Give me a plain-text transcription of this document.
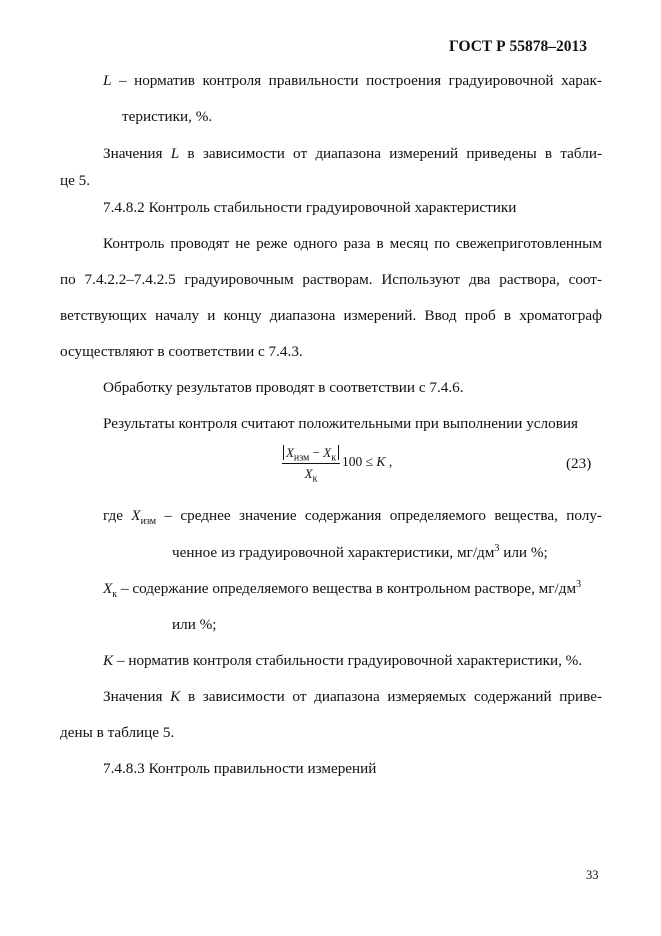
ГОСТ Р 55878–2013
L – норматив контроля правильности построения градуировочной харак-
теристики, %.
Значения L в зависимости от диапазона измерений приведены в табли-
це 5.
7.4.8.2 Контроль стабильности градуировочной характеристики
Контроль проводят не реже одного раза в месяц по свежеприготовленным
по 7.4.2.2–7.4.2.5 градуировочным растворам. Используют два раствора, соот-
ветствующих началу и концу диапазона измерений. Ввод проб в хроматограф
осуществляют в соответствии с 7.4.3.
Обработку результатов проводят в соответствии с 7.4.6.
Результаты контроля считают положительными при выполнении условия
$X_{изм} - X_к$
$X_к$
100 ≤ K ,	(23)
где $X_{изм}$ – среднее значение содержания определяемого вещества, полу-
ченное из градуировочной характеристики, $мг/дм^3$ или %;
$X_к$ – содержание определяемого вещества в контрольном растворе, $мг/дм^3$
или %;
K – норматив контроля стабильности градуировочной характеристики, %.
Значения K в зависимости от диапазона измеряемых содержаний приве-
дены в таблице 5.
7.4.8.3 Контроль правильности измерений
33
